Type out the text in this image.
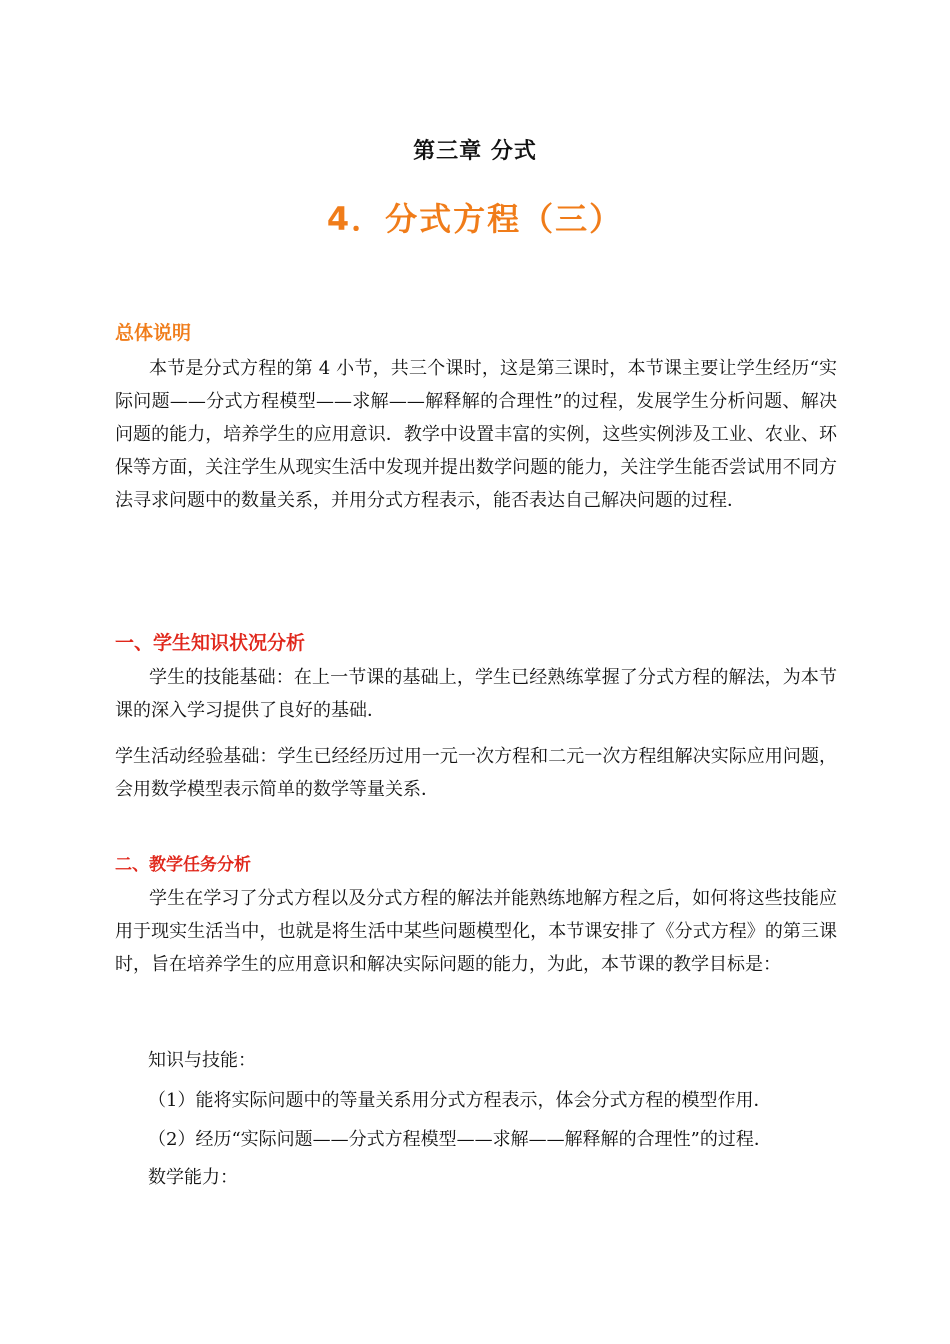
第三章 分式
4．分式方程（三）
总体说明
本节是分式方程的第 4 小节，共三个课时，这是第三课时，本节课主要让学生经历“实际问题——分式方程模型——求解——解释解的合理性”的过程，发展学生分析问题、解决问题的能力，培养学生的应用意识．教学中设置丰富的实例，这些实例涉及工业、农业、环保等方面，关注学生从现实生活中发现并提出数学问题的能力，关注学生能否尝试用不同方法寻求问题中的数量关系，并用分式方程表示，能否表达自己解决问题的过程．
一、学生知识状况分析
学生的技能基础：在上一节课的基础上，学生已经熟练掌握了分式方程的解法，为本节课的深入学习提供了良好的基础．
学生活动经验基础：学生已经经历过用一元一次方程和二元一次方程组解决实际应用问题，会用数学模型表示简单的数学等量关系．
二、教学任务分析
学生在学习了分式方程以及分式方程的解法并能熟练地解方程之后，如何将这些技能应用于现实生活当中，也就是将生活中某些问题模型化，本节课安排了《分式方程》的第三课时，旨在培养学生的应用意识和解决实际问题的能力，为此，本节课的教学目标是：
知识与技能：
（1）能将实际问题中的等量关系用分式方程表示，体会分式方程的模型作用．
（2）经历“实际问题——分式方程模型——求解——解释解的合理性”的过程．
数学能力：
